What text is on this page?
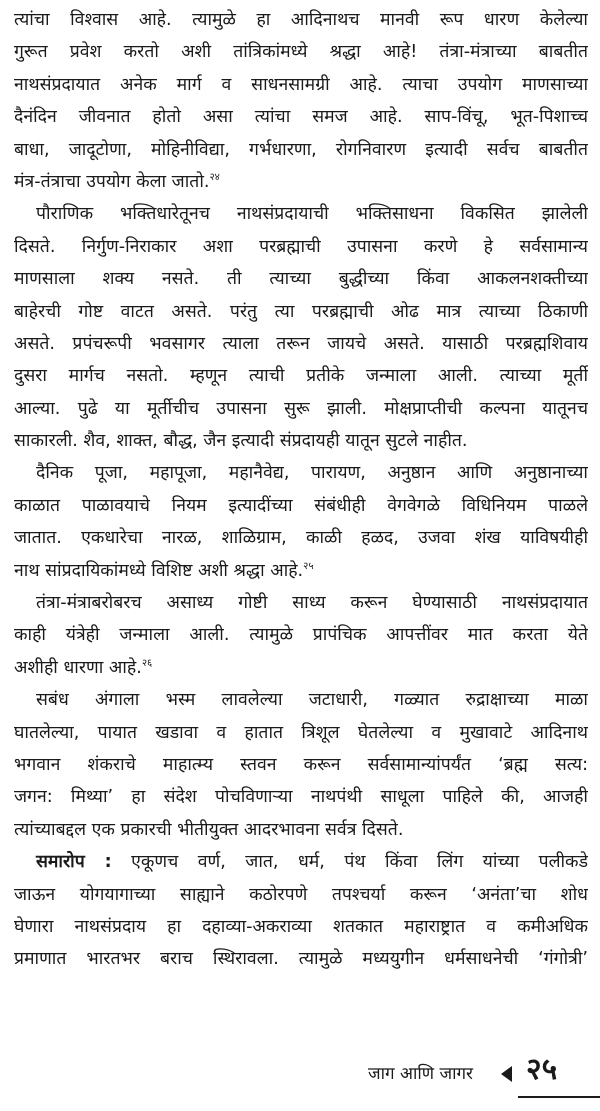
त्यांचा विश्वास आहे. त्यामुळे हा आदिनाथच मानवी रूप धारण केलेल्या
गुरूत प्रवेश करतो अशी तांत्रिकांमध्ये श्रद्धा आहे! तंत्रा-मंत्राच्या बाबतीत
नाथसंप्रदायात अनेक मार्ग व साधनसामग्री आहे. त्याचा उपयोग माणसाच्या
दैनंदिन जीवनात होतो असा त्यांचा समज आहे. साप-विंचू, भूत-पिशाच्च
बाधा, जादूटोणा, मोहिनीविद्या, गर्भधारणा, रोगनिवारण इत्यादी सर्वच बाबतीत
मंत्र-तंत्राचा उपयोग केला जातो.$^{२४}$
पौराणिक भक्तिधारेतूनच नाथसंप्रदायाची भक्तिसाधना विकसित झालेली
दिसते. निर्गुण-निराकार अशा परब्रह्माची उपासना करणे हे सर्वसामान्य
माणसाला शक्य नसते. ती त्याच्या बुद्धीच्या किंवा आकलनशक्तीच्या
बाहेरची गोष्ट वाटत असते. परंतु त्या परब्रह्माची ओढ मात्र त्याच्या ठिकाणी
असते. प्रपंचरूपी भवसागर त्याला तरून जायचे असते. यासाठी परब्रह्मशिवाय
दुसरा मार्गच नसतो. म्हणून त्याची प्रतीके जन्माला आली. त्याच्या मूर्ती
आल्या. पुढे या मूर्तीचीच उपासना सुरू झाली. मोक्षप्राप्तीची कल्पना यातूनच
साकारली. शैव, शाक्त, बौद्ध, जैन इत्यादी संप्रदायही यातून सुटले नाहीत.
दैनिक पूजा, महापूजा, महानैवेद्य, पारायण, अनुष्ठान आणि अनुष्ठानाच्या
काळात पाळावयाचे नियम इत्यादींच्या संबंधीही वेगवेगळे विधिनियम पाळले
जातात. एकधारेचा नारळ, शाळिग्राम, काळी हळद, उजवा शंख याविषयीही
नाथ सांप्रदायिकांमध्ये विशिष्ट अशी श्रद्धा आहे.$^{२५}$
तंत्रा-मंत्राबरोबरच असाध्य गोष्टी साध्य करून घेण्यासाठी नाथसंप्रदायात
काही यंत्रेही जन्माला आली. त्यामुळे प्रापंचिक आपत्तींवर मात करता येते
अशीही धारणा आहे.$^{२६}$
सबंध अंगाला भस्म लावलेल्या जटाधारी, गळ्यात रुद्राक्षाच्या माळा
घातलेल्या, पायात खडावा व हातात त्रिशूल घेतलेल्या व मुखावाटे आदिनाथ
भगवान शंकराचे माहात्म्य स्तवन करून सर्वसामान्यांपर्यंत ‘ब्रह्म सत्य:
जगन: मिथ्या’ हा संदेश पोचविणाऱ्या नाथपंथी साधूला पाहिले की, आजही
त्यांच्याबद्दल एक प्रकारची भीतीयुक्त आदरभावना सर्वत्र दिसते.
समारोप : एकूणच वर्ण, जात, धर्म, पंथ किंवा लिंग यांच्या पलीकडे
जाऊन योगयागाच्या साह्याने कठोरपणे तपश्चर्या करून ‘अनंता’चा शोध
घेणारा नाथसंप्रदाय हा दहाव्या-अकराव्या शतकात महाराष्ट्रात व कमीअधिक
प्रमाणात भारतभर बराच स्थिरावला. त्यामुळे मध्ययुगीन धर्मसाधनेची ‘गंगोत्री’
जाग आणि जागर २५
